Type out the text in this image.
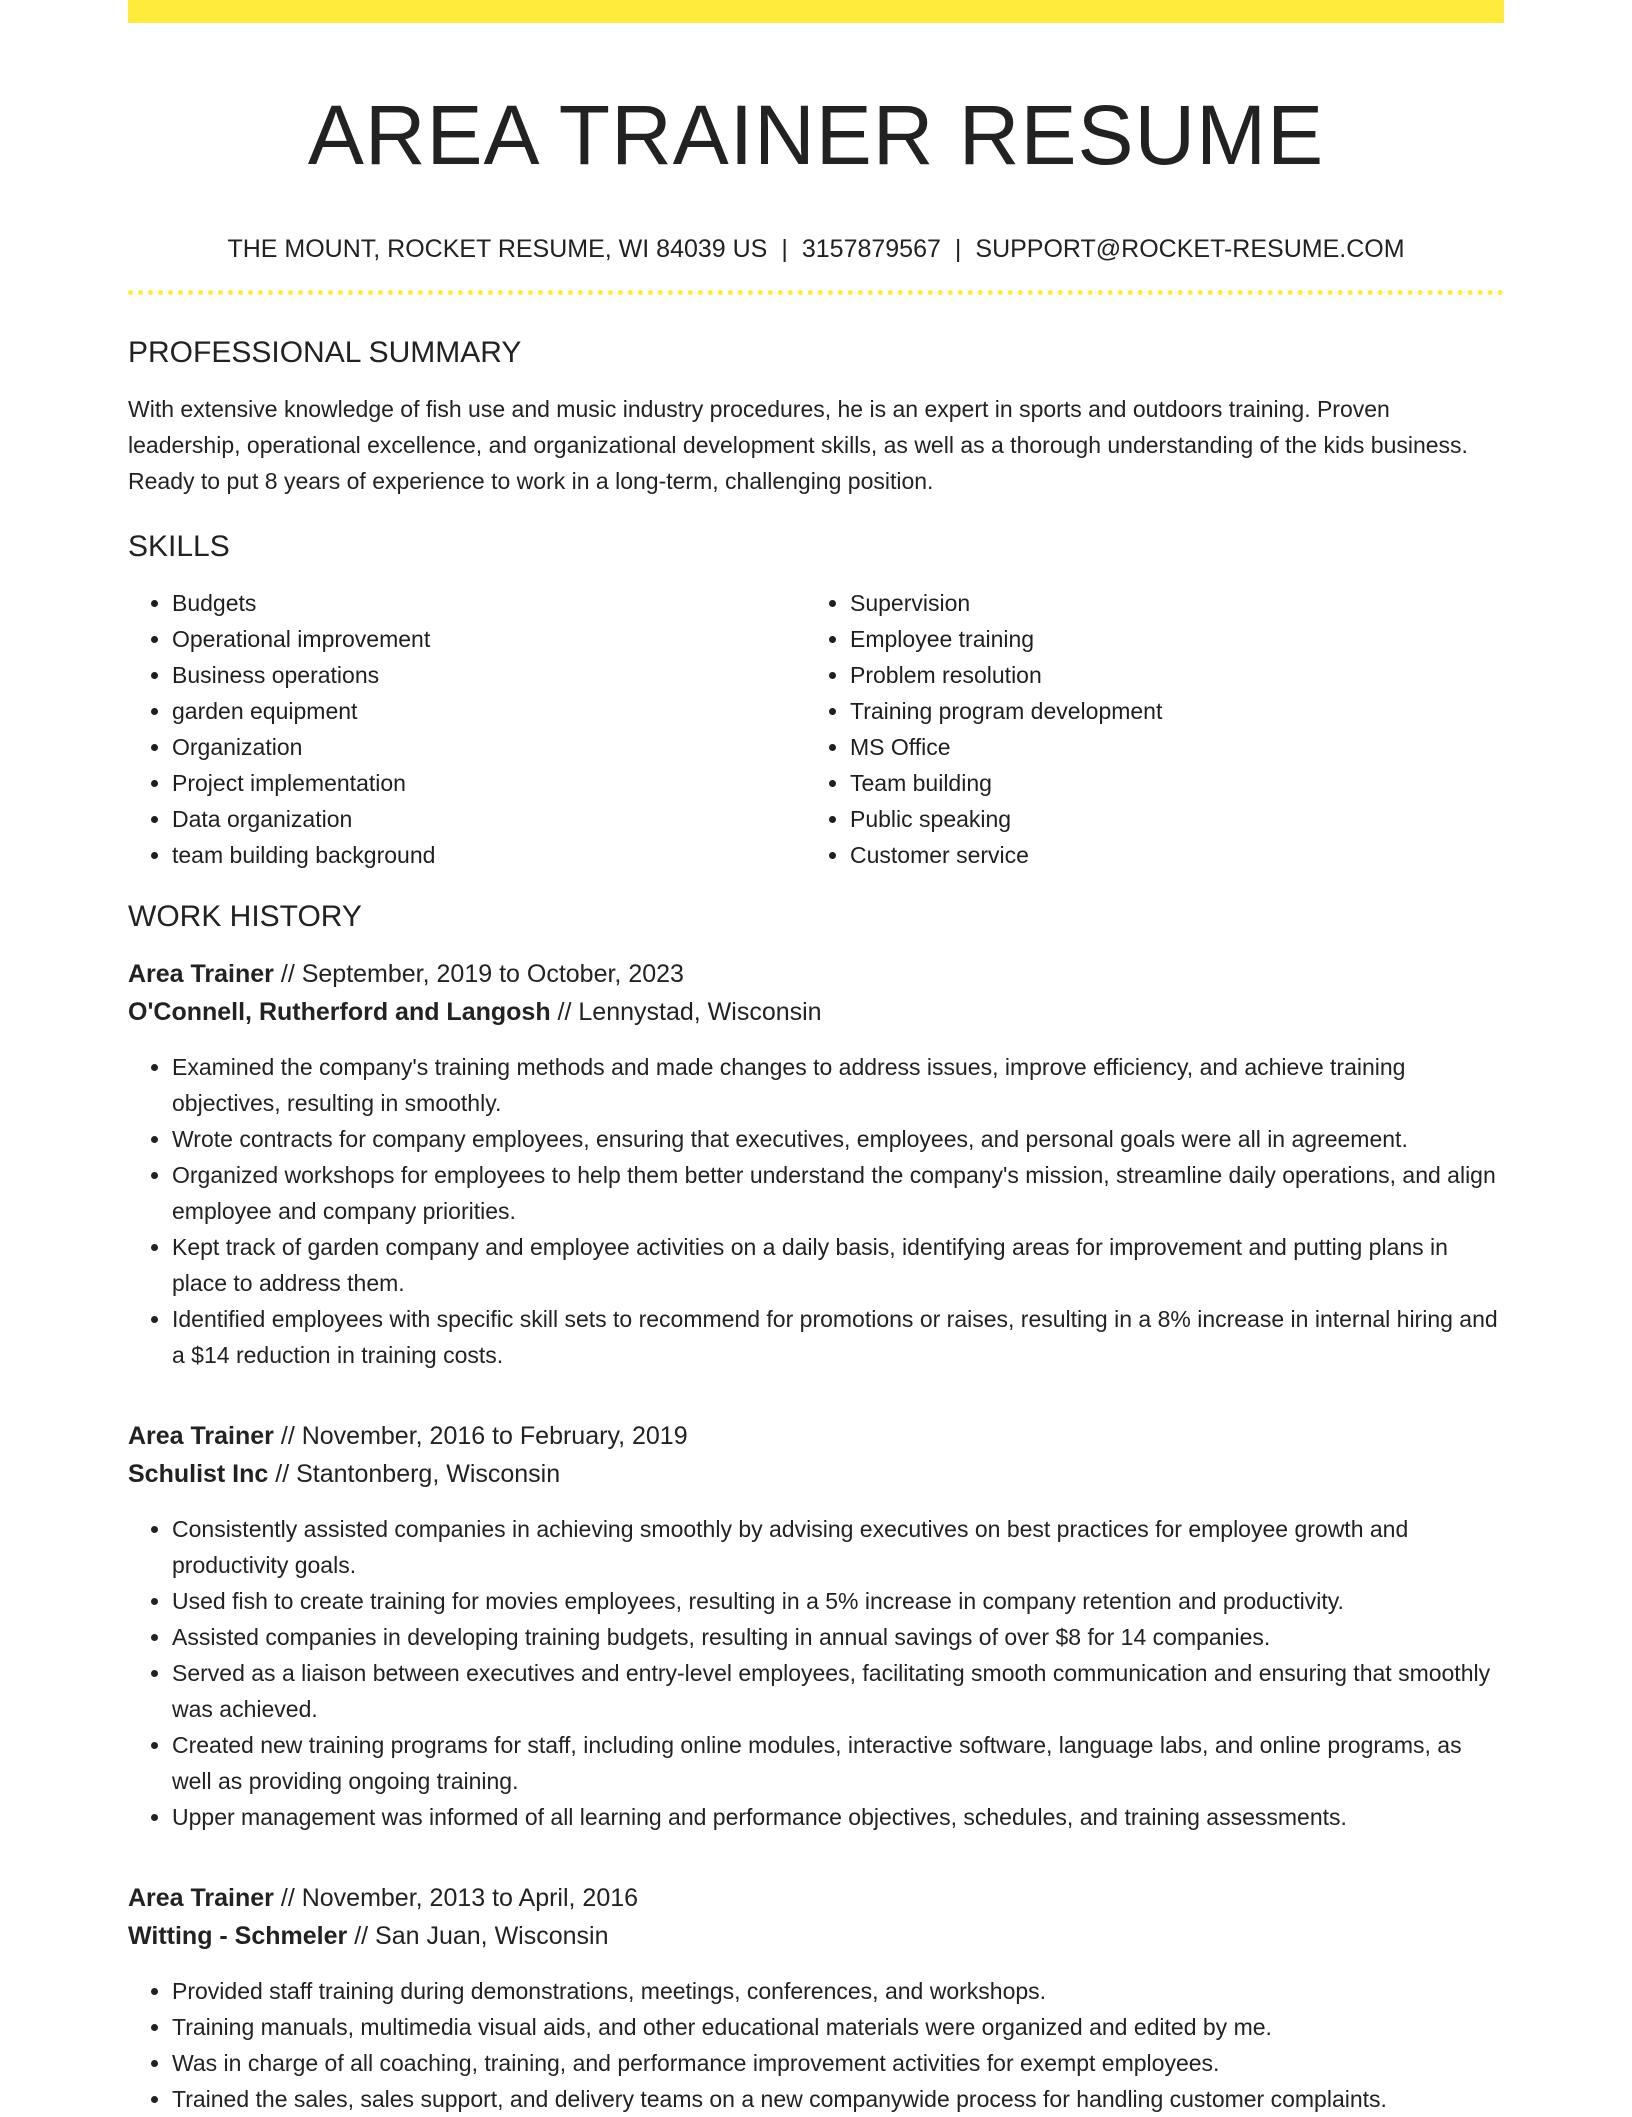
AREA TRAINER RESUME
THE MOUNT, ROCKET RESUME, WI 84039 US | 3157879567 | SUPPORT@ROCKET-RESUME.COM
PROFESSIONAL SUMMARY

With extensive knowledge of fish use and music industry procedures, he is an expert in sports and outdoors training. Proven leadership, operational excellence, and organizational development skills, as well as a thorough understanding of the kids business. Ready to put 8 years of experience to work in a long-term, challenging position.

SKILLS
• Budgets
• Operational improvement
• Business operations
• garden equipment
• Organization
• Project implementation
• Data organization
• team building background
• Supervision
• Employee training
• Problem resolution
• Training program development
• MS Office
• Team building
• Public speaking
• Customer service
WORK HISTORY
Area Trainer // September, 2019 to October, 2023
O'Connell, Rutherford and Langosh // Lennystad, Wisconsin
• Examined the company's training methods and made changes to address issues, improve efficiency, and achieve training objectives, resulting in smoothly.
• Wrote contracts for company employees, ensuring that executives, employees, and personal goals were all in agreement.
• Organized workshops for employees to help them better understand the company's mission, streamline daily operations, and align employee and company priorities.
• Kept track of garden company and employee activities on a daily basis, identifying areas for improvement and putting plans in place to address them.
• Identified employees with specific skill sets to recommend for promotions or raises, resulting in a 8% increase in internal hiring and a $14 reduction in training costs.
Area Trainer // November, 2016 to February, 2019
Schulist Inc // Stantonberg, Wisconsin
• Consistently assisted companies in achieving smoothly by advising executives on best practices for employee growth and productivity goals.
• Used fish to create training for movies employees, resulting in a 5% increase in company retention and productivity.
• Assisted companies in developing training budgets, resulting in annual savings of over $8 for 14 companies.
• Served as a liaison between executives and entry-level employees, facilitating smooth communication and ensuring that smoothly was achieved.
• Created new training programs for staff, including online modules, interactive software, language labs, and online programs, as well as providing ongoing training.
• Upper management was informed of all learning and performance objectives, schedules, and training assessments.
Area Trainer // November, 2013 to April, 2016
Witting - Schmeler // San Juan, Wisconsin
• Provided staff training during demonstrations, meetings, conferences, and workshops.
• Training manuals, multimedia visual aids, and other educational materials were organized and edited by me.
• Was in charge of all coaching, training, and performance improvement activities for exempt employees.
• Trained the sales, sales support, and delivery teams on a new companywide process for handling customer complaints.
